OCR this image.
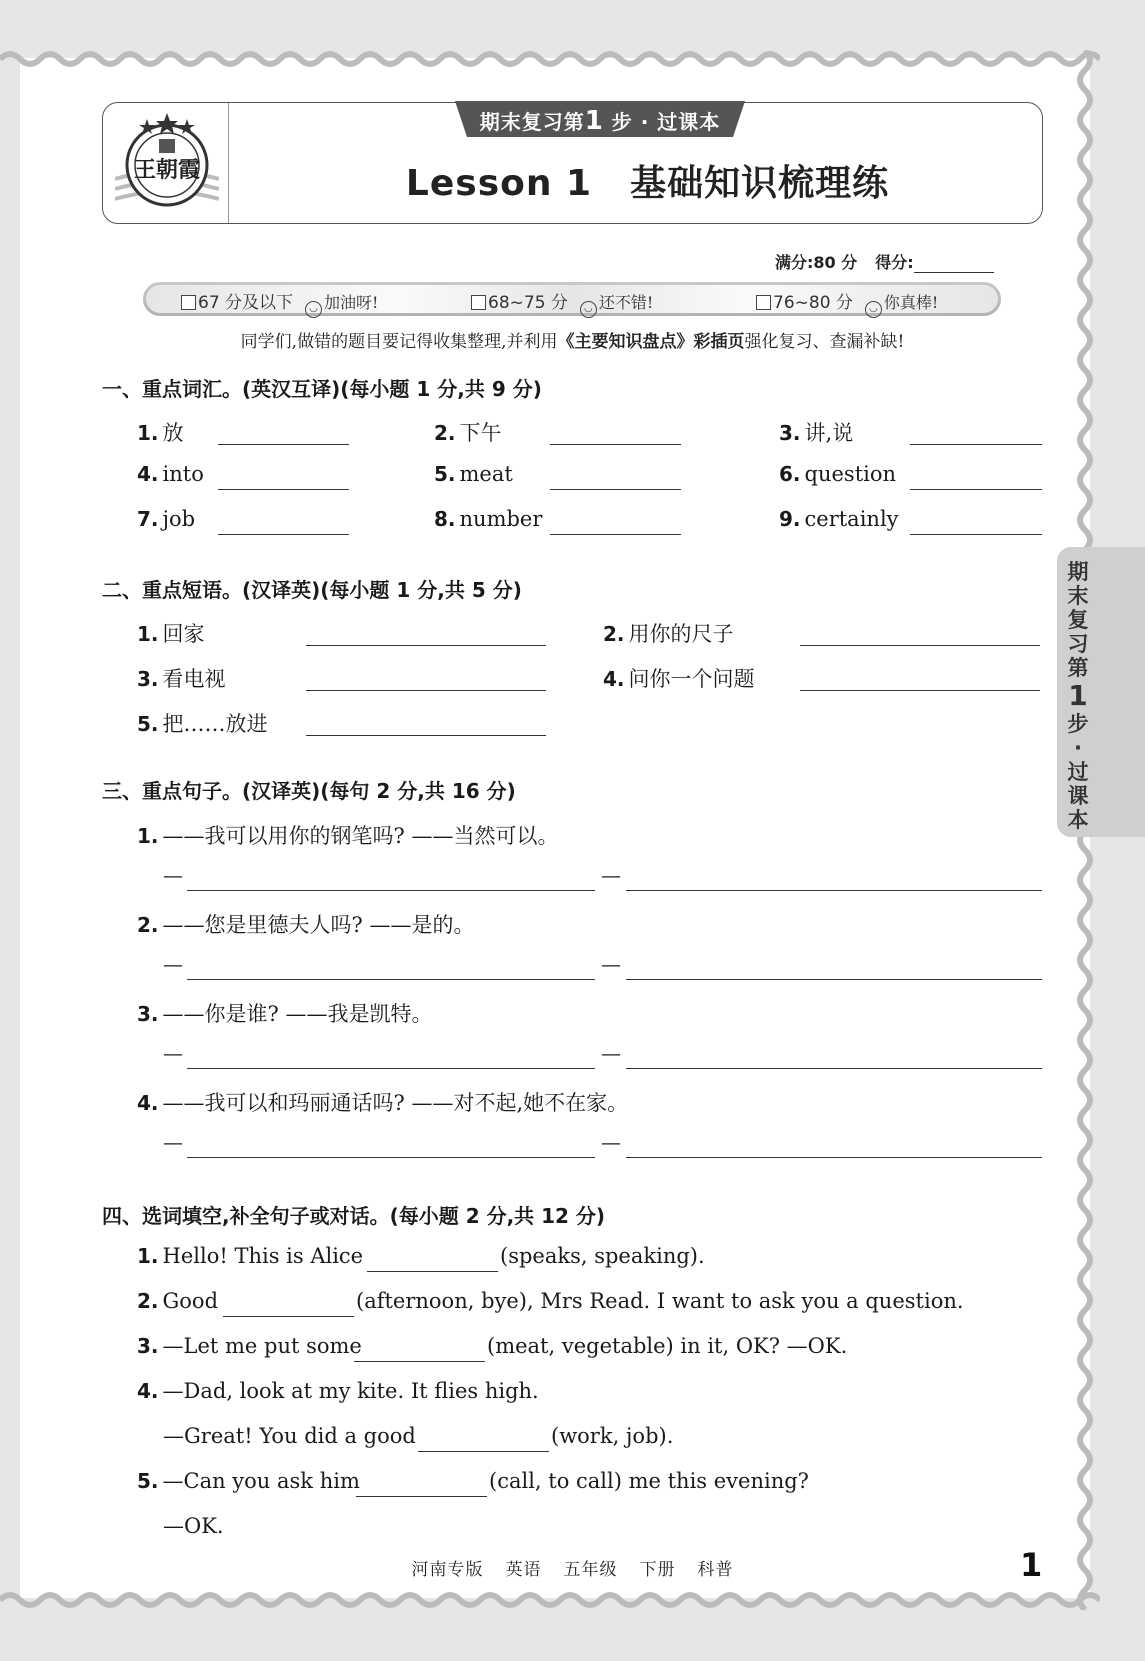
王朝霞
期末复习第1 步 · 过课本
Lesson 1 基础知识梳理练
满分:80 分 得分:
67 分及以下 ◡ 加油呀!	68~75 分 ◡ 还不错!	76~80 分 ◡ 你真棒!
同学们,做错的题目要记得收集整理,并利用《主要知识盘点》彩插页强化复习、查漏补缺!
一、重点词汇。(英汉互译)(每小题 1 分,共 9 分)
1. 放	2. 下午	3. 讲,说
4. into	5. meat	6. question
7. job	8. number	9. certainly
二、重点短语。(汉译英)(每小题 1 分,共 5 分)
1. 回家	2. 用你的尺子
3. 看电视	4. 问你一个问题
5. 把……放进
三、重点句子。(汉译英)(每句 2 分,共 16 分)
1. ——我可以用你的钢笔吗? ——当然可以。
—	—
2. ——您是里德夫人吗? ——是的。
—	—
3. ——你是谁? ——我是凯特。
—	—
4. ——我可以和玛丽通话吗? ——对不起,她不在家。
—	—
四、选词填空,补全句子或对话。(每小题 2 分,共 12 分)
1. Hello! This is Alice	(speaks, speaking).
2. Good	(afternoon, bye), Mrs Read. I want to ask you a question.
3. —Let me put some	(meat, vegetable) in it, OK? —OK.
4. —Dad, look at my kite. It flies high.
—Great! You did a good	(work, job).
5. —Can you ask him	(call, to call) me this evening?
—OK.
期
末
复
习
第
1
步
·
过
课
本
河南专版 英语 五年级 下册 科普	1
